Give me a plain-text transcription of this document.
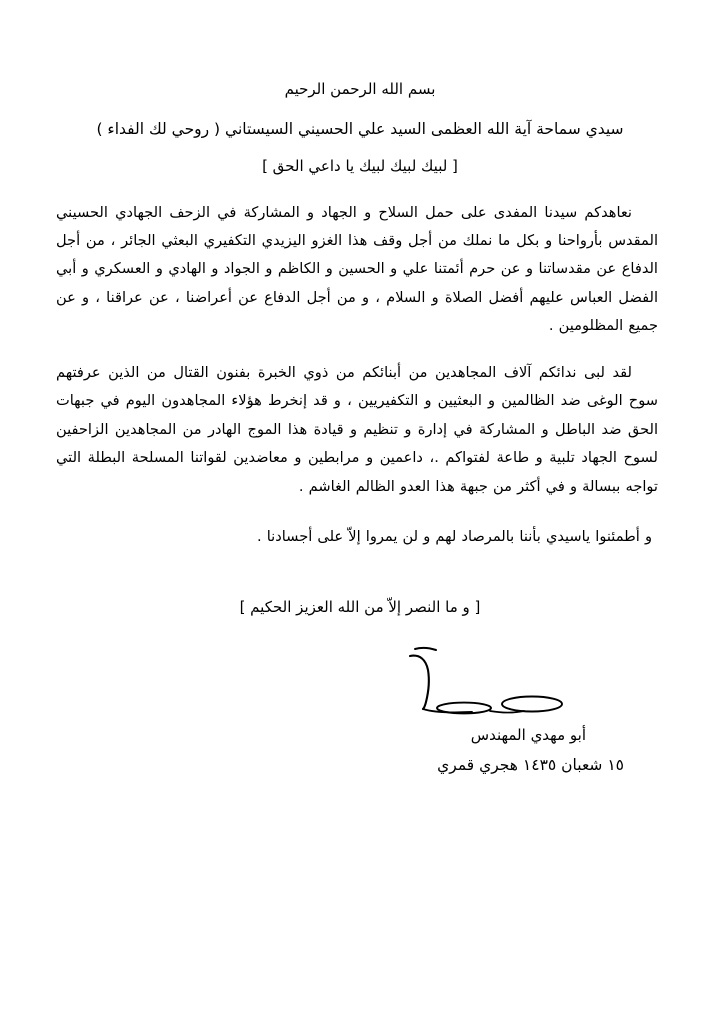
بسم الله الرحمن الرحيم
سيدي سماحة آية الله العظمى السيد علي الحسيني السيستاني ( روحي لك الفداء )
[ لبيك لبيك لبيك يا داعي الحق ]

نعاهدكم سيدنا المفدى على حمل السلاح و الجهاد و المشاركة في الزحف الجهادي الحسيني المقدس بأرواحنا و بكل ما نملك من أجل وقف هذا الغزو اليزيدي التكفيري البعثي الجائر ، من أجل الدفاع عن مقدساتنا و عن حرم أئمتنا علي و الحسين و الكاظم و الجواد و الهادي و العسكري و أبي الفضل العباس عليهم أفضل الصلاة و السلام ، و من أجل الدفاع عن أعراضنا ، عن عراقنا ، و عن جميع المظلومين .

لقد لبى ندائكم آلاف المجاهدين من أبنائكم من ذوي الخبرة بفنون القتال من الذين عرفتهم سوح الوغى ضد الظالمين و البعثيين و التكفيريين ، و قد إنخرط هؤلاء المجاهدون اليوم في جبهات الحق ضد الباطل و المشاركة في إدارة و تنظيم و قيادة هذا الموج الهادر من المجاهدين الزاحفين لسوح الجهاد تلبية و طاعة لفتواكم .، داعمين و مرابطين و معاضدين لقواتنا المسلحة البطلة التي تواجه ببسالة و في أكثر من جبهة هذا العدو الظالم الغاشم .

و أطمئنوا ياسيدي بأننا بالمرصاد لهم و لن يمروا إلاّ على أجسادنا .

[ و ما النصر إلاّ من الله العزيز الحكيم ]
أبو مهدي المهندس
١٥ شعبان ١٤٣٥ هجري قمري
